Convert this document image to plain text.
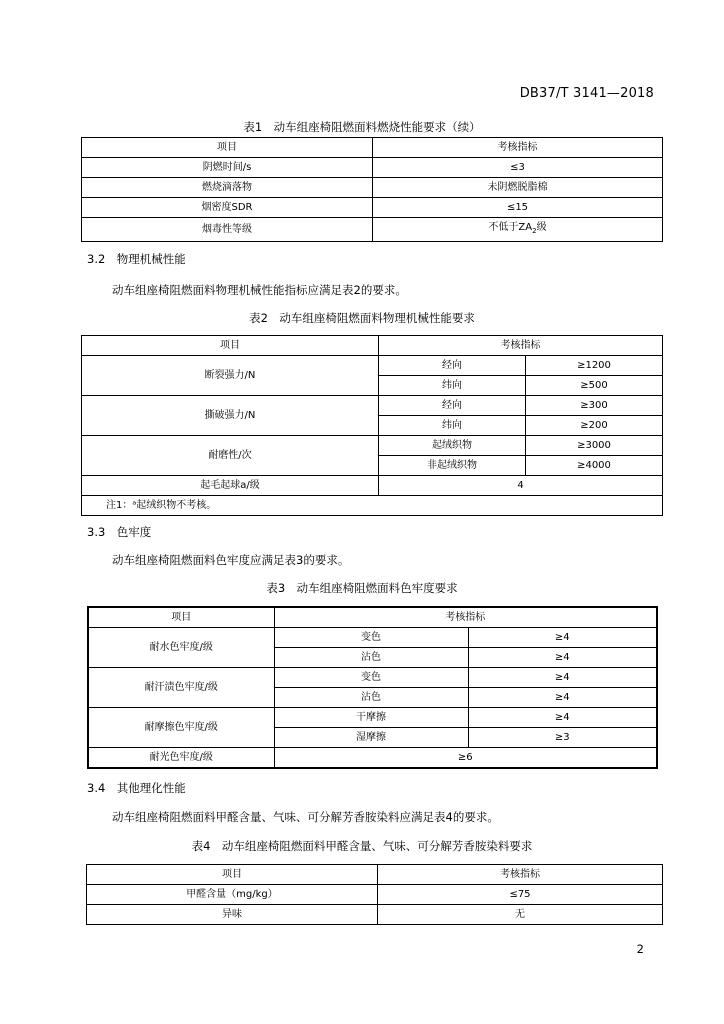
DB37/T 3141—2018
表1　动车组座椅阻燃面料燃烧性能要求（续）
项目	考核指标
阴燃时间/s	≤3
燃烧滴落物	未阴燃脱脂棉
烟密度SDR	≤15
烟毒性等级	不低于$ZA_2$级
3.2　物理机械性能
动车组座椅阻燃面料物理机械性能指标应满足表2的要求。
表2　动车组座椅阻燃面料物理机械性能要求
项目	考核指标	
断裂强力/N	经向	≥1200
	纬向	≥500
撕破强力/N	经向	≥300
	纬向	≥200
耐磨性/次	起绒织物	≥3000
	非起绒织物	≥4000
起毛起球a/级	4	
注1：ᵃ起绒织物不考核。		
3.3　色牢度
动车组座椅阻燃面料色牢度应满足表3的要求。
表3　动车组座椅阻燃面料色牢度要求
项目	考核指标	
耐水色牢度/级	变色	≥4
	沾色	≥4
耐汗渍色牢度/级	变色	≥4
	沾色	≥4
耐摩擦色牢度/级	干摩擦	≥4
	湿摩擦	≥3
耐光色牢度/级	≥6	
3.4　其他理化性能
动车组座椅阻燃面料甲醛含量、气味、可分解芳香胺染料应满足表4的要求。
表4　动车组座椅阻燃面料甲醛含量、气味、可分解芳香胺染料要求
项目	考核指标
甲醛含量（mg/kg）	≤75
异味	无
2
